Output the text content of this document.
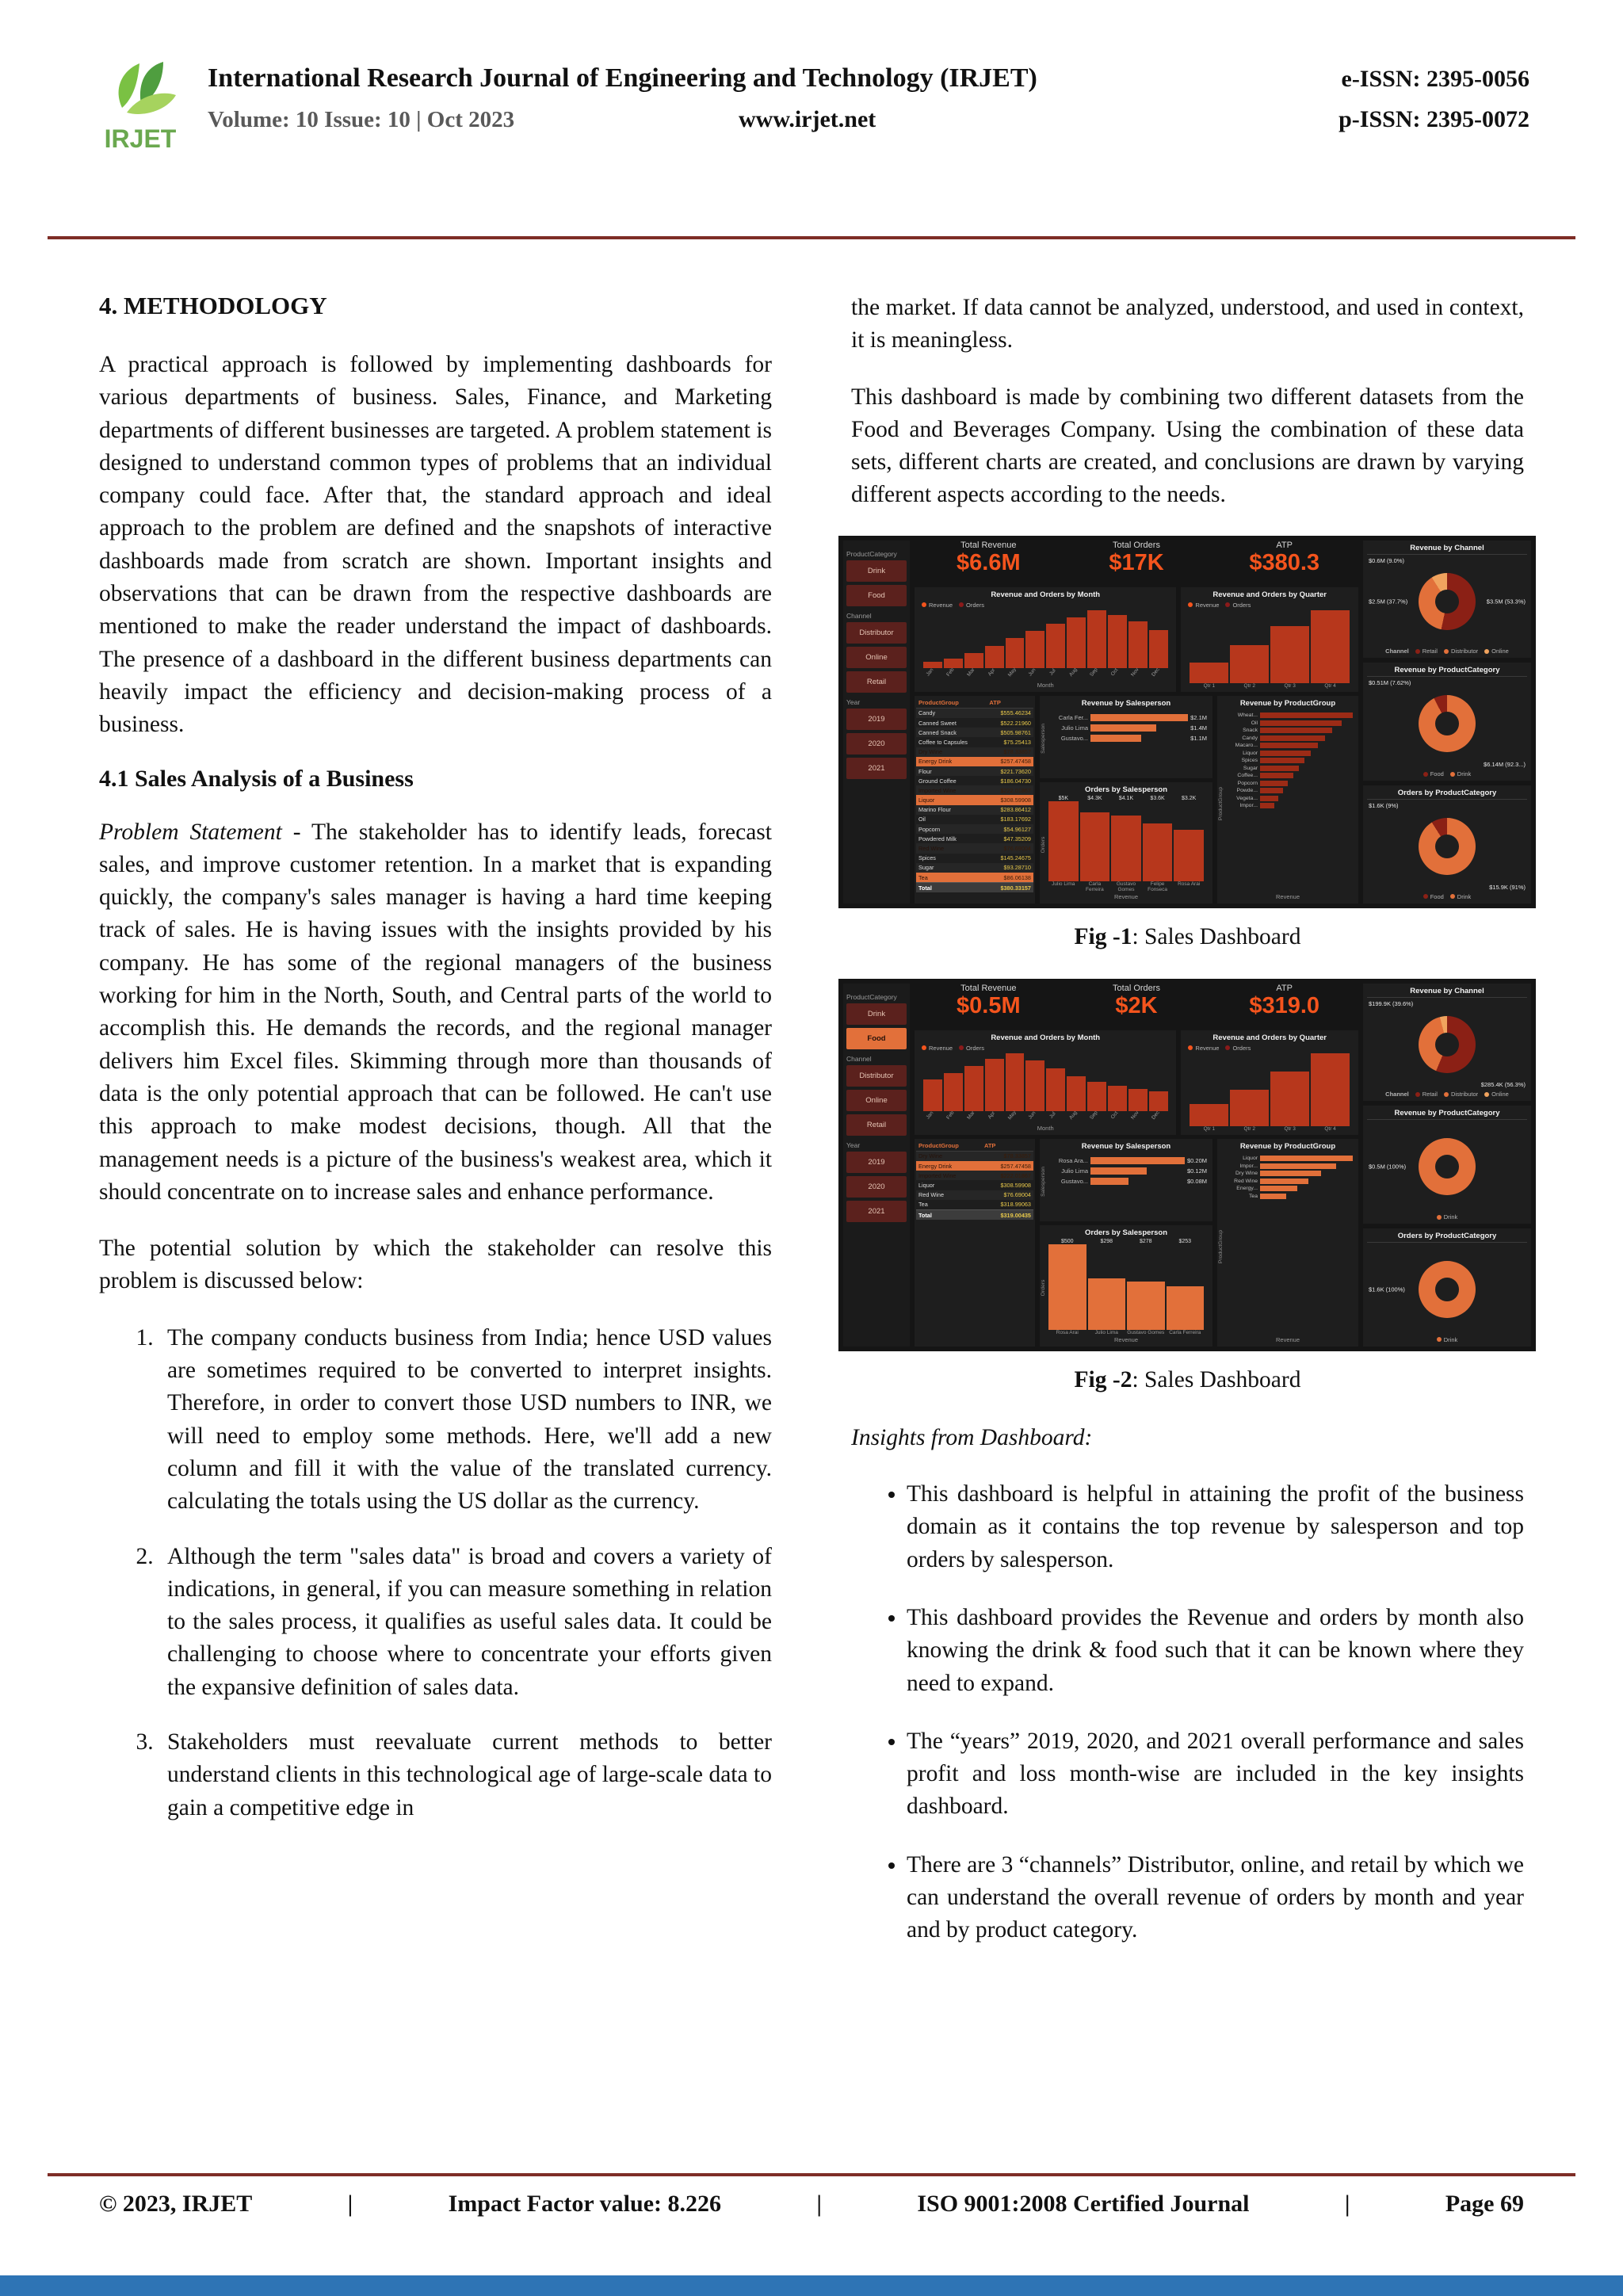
IRJET
International Research Journal of Engineering and Technology (IRJET)	e-ISSN: 2395-0056
Volume: 10 Issue: 10 | Oct 2023	www.irjet.net	p-ISSN: 2395-0072
4. METHODOLOGY

A practical approach is followed by implementing dashboards for various departments of business. Sales, Finance, and Marketing departments of different businesses are targeted. A problem statement is designed to understand common types of problems that an individual company could face. After that, the standard approach and ideal approach to the problem are defined and the snapshots of interactive dashboards made from scratch are shown. Important insights and observations that can be drawn from the respective dashboards are mentioned to make the reader understand the impact of dashboards. The presence of a dashboard in the different business departments can heavily impact the efficiency and decision-making process of a business.

4.1 Sales Analysis of a Business

Problem Statement - The stakeholder has to identify leads, forecast sales, and improve customer retention. In a market that is expanding quickly, the company's sales manager is having a hard time keeping track of sales. He is having issues with the insights provided by his company. He has some of the regional managers of the business working for him in the North, South, and Central parts of the world to accomplish this. He demands the records, and the regional manager delivers him Excel files. Skimming through more than thousands of data is the only potential approach that can be followed. He can't use this approach to make modest decisions, though. All that the management needs is a picture of the business's weakest area, which it should concentrate on to increase sales and enhance performance.

The potential solution by which the stakeholder can resolve this problem is discussed below:

1. The company conducts business from India; hence USD values are sometimes required to be converted to interpret insights. Therefore, in order to convert those USD numbers to INR, we will need to employ some methods. Here, we'll add a new column and fill it with the value of the translated currency. calculating the totals using the US dollar as the currency.
2. Although the term "sales data" is broad and covers a variety of indications, in general, if you can measure something in relation to the sales process, it qualifies as useful sales data. It could be challenging to choose where to concentrate your efforts given the expansive definition of sales data.
3. Stakeholders must reevaluate current methods to better understand clients in this technological age of large-scale data to gain a competitive edge in

the market. If data cannot be analyzed, understood, and used in context, it is meaningless.

This dashboard is made by combining two different datasets from the Food and Beverages Company. Using the combination of these data sets, different charts are created, and conclusions are drawn by varying different aspects according to the needs.

ProductCategory
Drink
Food
Channel
Distributor
Online
Retail
Year
2019
2020
2021
Total Revenue
$6.6M
Total Orders
$17K
ATP
$380.3
Revenue and Orders by Month
Revenue	Orders
Jan	Feb	Mar	Apr	May	Jun	Jul	Aug	Sep	Oct	Nov	Dec
Month
Revenue and Orders by Quarter
Revenue	Orders
Qtr 1	Qtr 2	Qtr 3	Qtr 4
ProductGroup	ATP
Candy	$555.46234
Canned Sweet	$522.21960
Canned Snack	$505.98761
Coffee to Capsules	$75.25413
Dry Wine	$78.33857
Energy Drink	$257.47458
Flour	$221.73620
Ground Coffee	$186.04730
Imported Wine	$222.01867
Liquor	$308.59908
Marino Flour	$283.86412
Oil	$183.17692
Popcorn	$54.96127
Powdered Milk	$47.35209
Red Wine	$76.69004
Spices	$145.24675
Sugar	$93.28710
Tea	$86.06138
Total	$380.33157
Revenue by Salesperson
Salesperson
Carla Fer...	$2.1M
Julio Lima	$1.4M
Gustavo...	$1.1M
Orders by Salesperson
Orders
$5K	$4.3K	$4.1K	$3.6K	$3.2K
Julio Lima	Carla Ferreira
Gustavo Gomes
Felipe Fonseca
Rosa Arai
Revenue
Revenue by ProductGroup
ProductGroup
Wheat...
Oil
Snack
Candy
Macaro...
Liquor
Spices
Sugar
Coffee...
Popcorn
Powde...
Vegeta...
Impor...
Revenue
Revenue by Channel
$0.6M (9.0%)
$2.5M (37.7%)	$3.5M (53.3%)
Channel	Retail	Distributor	Online
Revenue by ProductCategory
$0.51M (7.62%)
$6.14M (92.3...)
Food	Drink
Orders by ProductCategory
$1.6K (9%)
$15.9K (91%)
Food	Drink
Fig -1: Sales Dashboard
ProductCategory
Drink
Food
Channel
Distributor
Online
Retail
Year
2019
2020
2021
Total Revenue
$0.5M
Total Orders
$2K
ATP
$319.0
Revenue and Orders by Month
Revenue	Orders
Jan	Feb	Mar	Apr	May	Jun	Jul	Aug	Sep	Oct	Nov	Dec
Month
Revenue and Orders by Quarter
Revenue	Orders
Qtr 1	Qtr 2	Qtr 3	Qtr 4
ProductGroup	ATP
Dry Wine	$78.33857
Energy Drink	$257.47458
Imported Wine	$222.01867
Liquor	$308.59908
Red Wine	$76.69004
Tea	$318.99063
Total	$319.00435
Revenue by Salesperson
Salesperson
Rosa Ara...	$0.20M
Julio Lima	$0.12M
Gustavo...	$0.08M
Orders by Salesperson
Orders
$500	$298	$278	$253
Rosa Arai	Julio Lima	Gustavo Gomes Carla Ferreira
Revenue
Revenue by ProductGroup
ProductGroup
Liquor
Impor...
Dry Wine
Red Wine
Energy...
Tea
Revenue
Revenue by Channel
$199.9K (39.6%)
$285.4K (56.3%)
Channel	Retail	Distributor	Online
Revenue by ProductCategory
$0.5M (100%)
Drink
Orders by ProductCategory
$1.6K (100%)
Drink
Fig -2: Sales Dashboard

Insights from Dashboard:

• This dashboard is helpful in attaining the profit of the business domain as it contains the top revenue by salesperson and top orders by salesperson.
• This dashboard provides the Revenue and orders by month also knowing the drink & food such that it can be known where they need to expand.
• The “years” 2019, 2020, and 2021 overall performance and sales profit and loss month-wise are included in the key insights dashboard.
• There are 3 “channels” Distributor, online, and retail by which we can understand the overall revenue of orders by month and year and by product category.
© 2023, IRJET	|	Impact Factor value: 8.226	|	ISO 9001:2008 Certified Journal	|	Page 69
